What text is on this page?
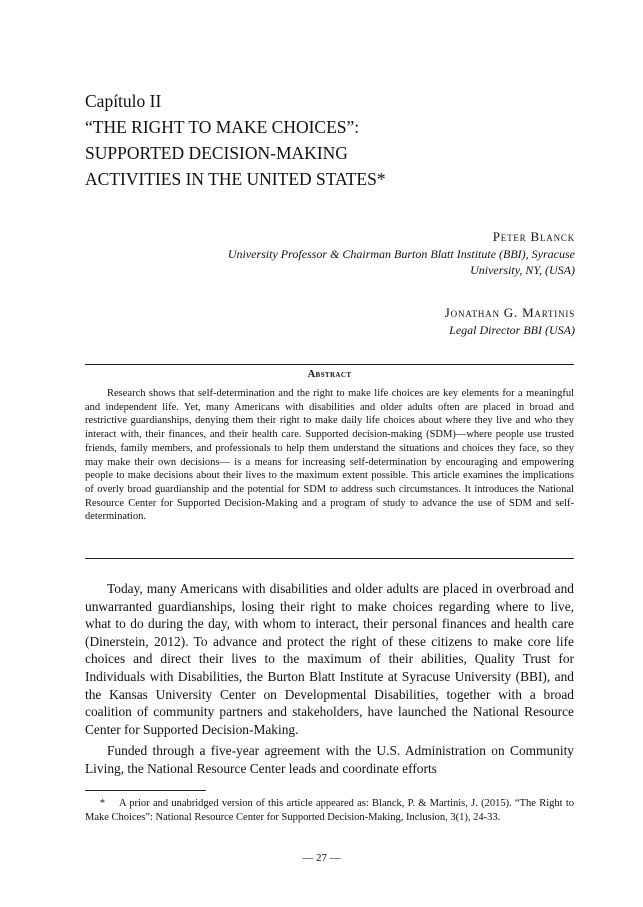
Capítulo II
“THE RIGHT TO MAKE CHOICES”:
SUPPORTED DECISION-MAKING
ACTIVITIES IN THE UNITED STATES*
Peter Blanck
University Professor & Chairman Burton Blatt Institute (BBI), Syracuse
University, NY, (USA)
Jonathan G. Martinis
Legal Director BBI (USA)
Abstract
Research shows that self-determination and the right to make life choices are key elements for a meaningful and independent life. Yet, many Americans with disabilities and older adults often are placed in broad and restrictive guardianships, denying them their right to make daily life choices about where they live and who they interact with, their finances, and their health care. Supported decision-making (SDM)—where people use trusted friends, family members, and professionals to help them understand the situations and choices they face, so they may make their own decisions— is a means for increasing self-determination by encouraging and empowering people to make decisions about their lives to the maximum extent possible. This article examines the implications of overly broad guardianship and the potential for SDM to address such circumstances. It introduces the National Resource Center for Supported Decision-Making and a program of study to advance the use of SDM and self-determination.

Today, many Americans with disabilities and older adults are placed in overbroad and unwarranted guardianships, losing their right to make choices regarding where to live, what to do during the day, with whom to interact, their personal finances and health care (Dinerstein, 2012). To advance and protect the right of these citizens to make core life choices and direct their lives to the maximum of their abilities, Quality Trust for Individuals with Disabilities, the Burton Blatt Institute at Syracuse University (BBI), and the Kansas University Center on Developmental Disabilities, together with a broad coalition of community partners and stakeholders, have launched the National Resource Center for Supported Decision-Making.

Funded through a five-year agreement with the U.S. Administration on Community Living, the National Resource Center leads and coordinate efforts

* A prior and unabridged version of this article appeared as: Blanck, P. & Martinis, J. (2015). “The Right to Make Choices”: National Resource Center for Supported Decision-Making, Inclusion, 3(1), 24-33.
— 27 —
